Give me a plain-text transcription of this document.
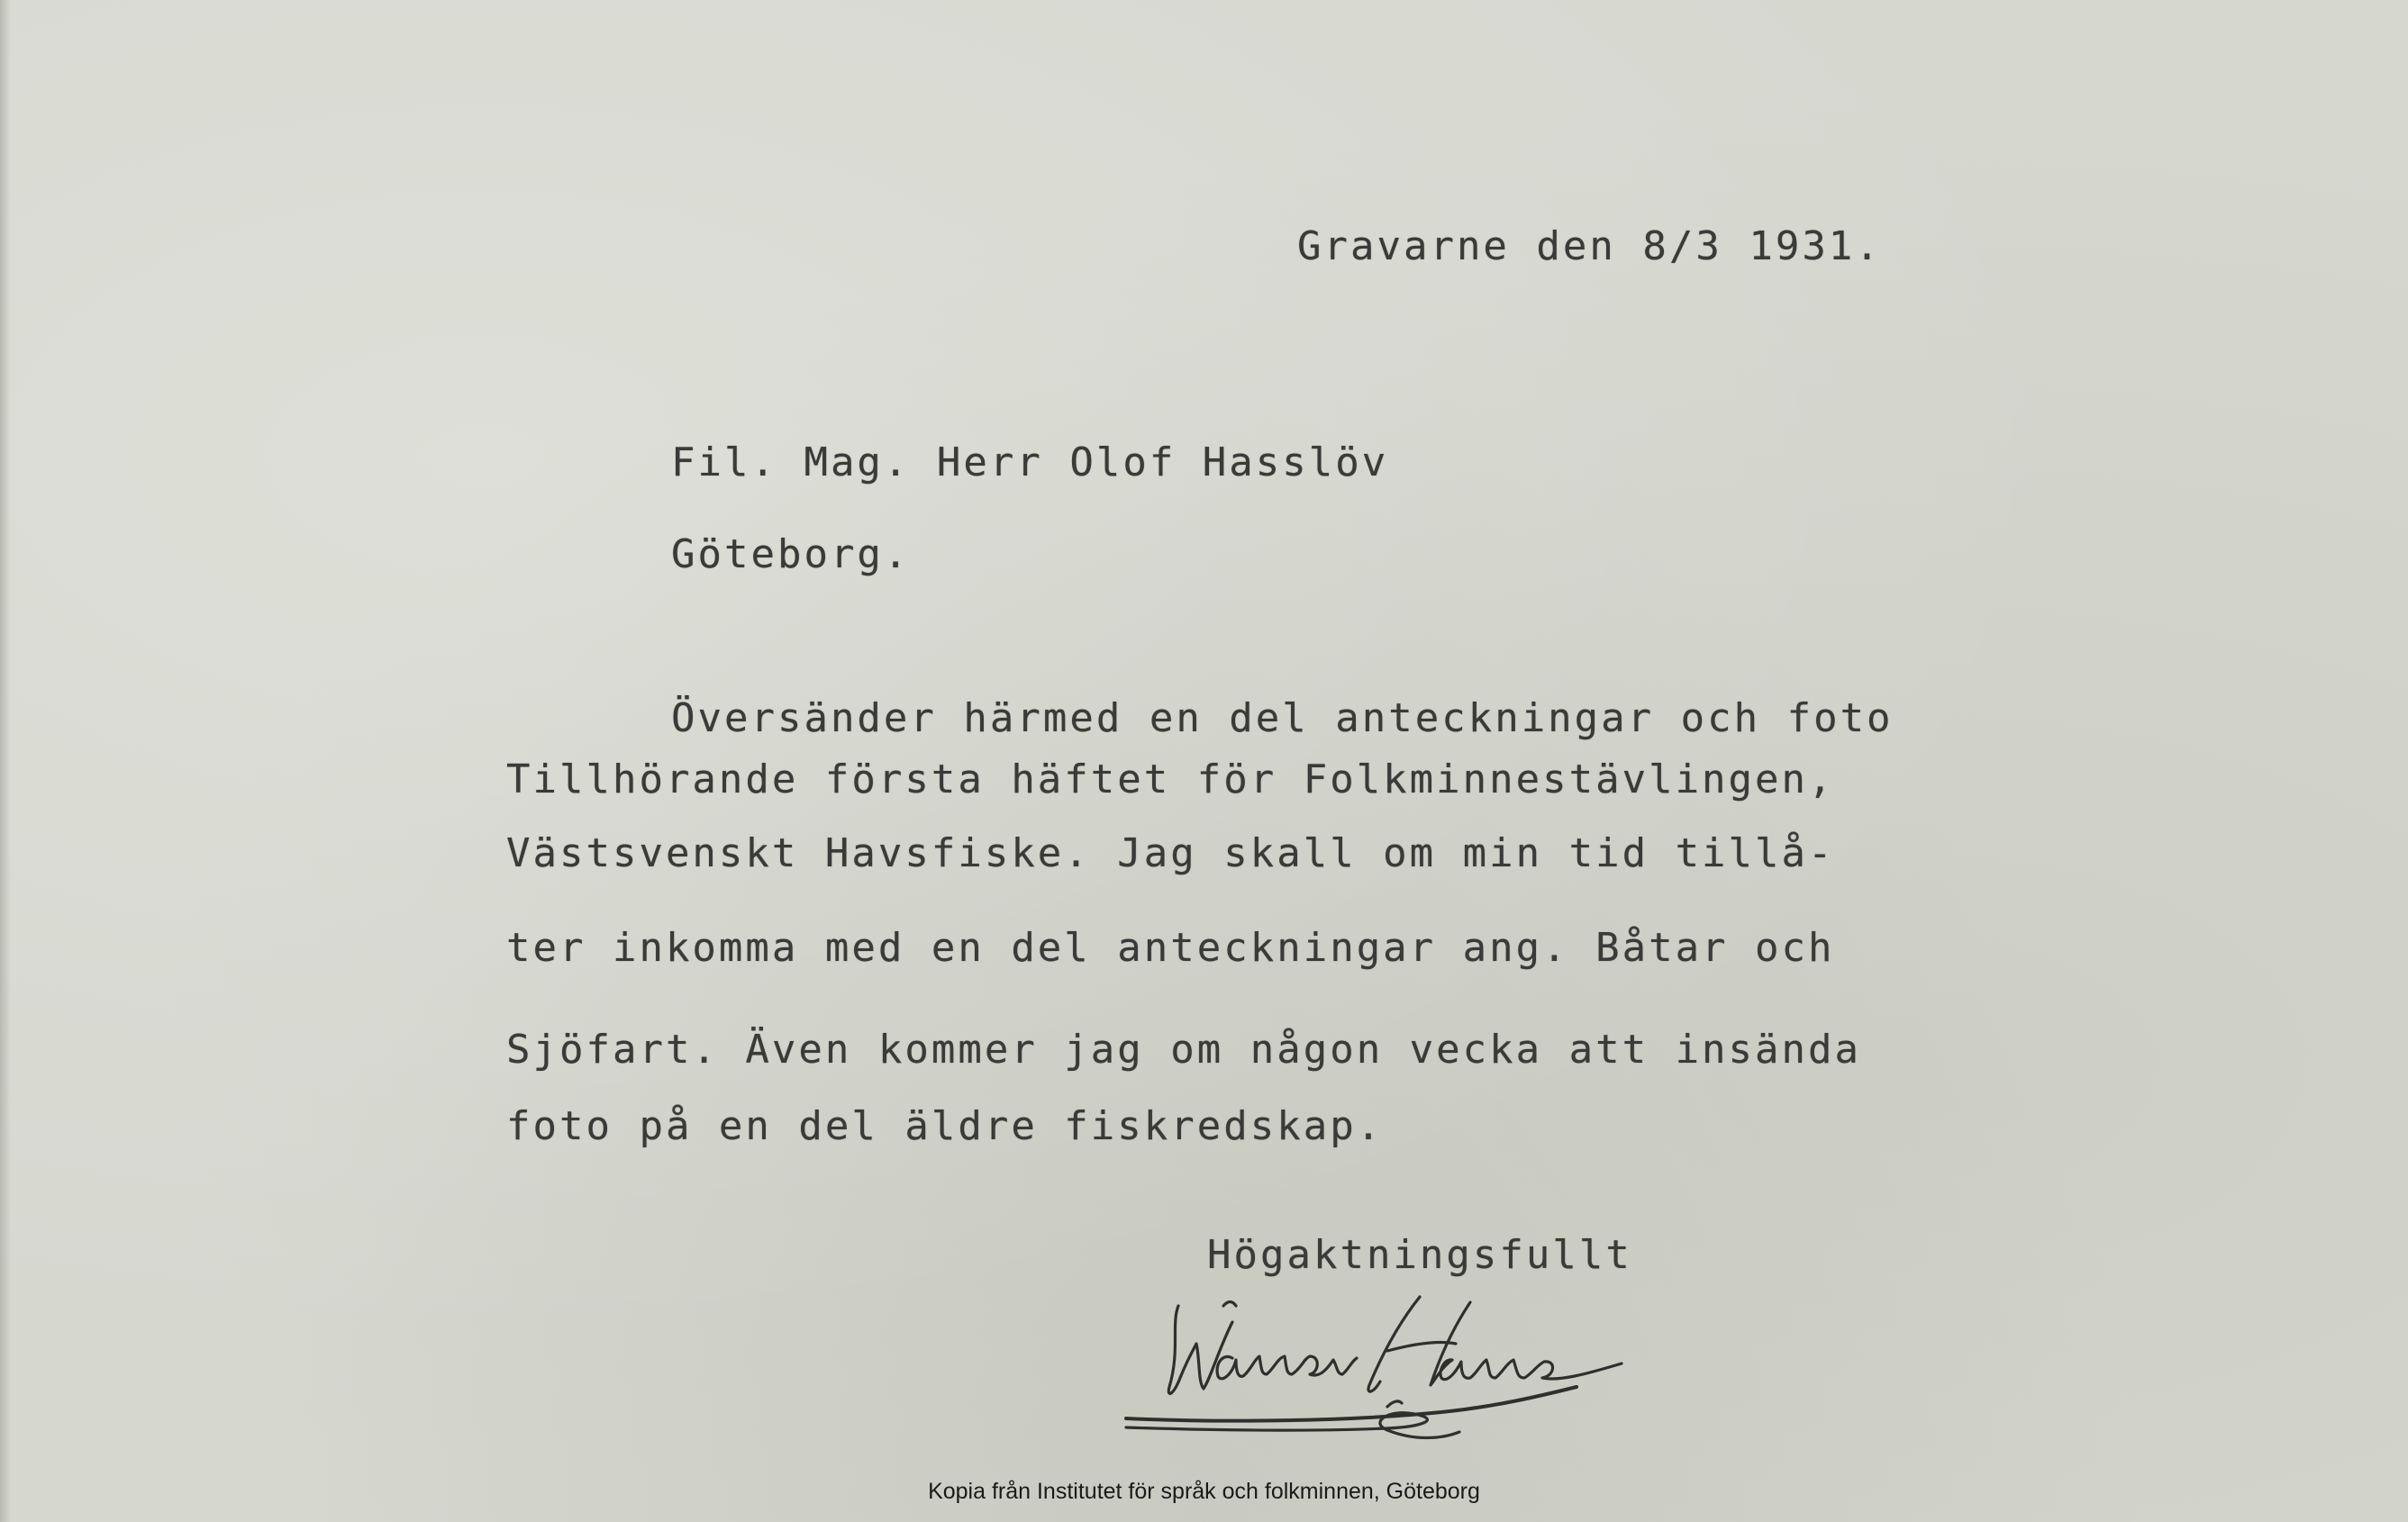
Gravarne den 8/3 1931.
Fil. Mag. Herr Olof Hasslöv
Göteborg.
Översänder härmed en del anteckningar och foto
Tillhörande första häftet för Folkminnestävlingen,
Västsvenskt Havsfiske. Jag skall om min tid tillå-
ter inkomma med en del anteckningar ang. Båtar och
Sjöfart. Även kommer jag om någon vecka att insända
foto på en del äldre fiskredskap.
Högaktningsfullt
Kopia från Institutet för språk och folkminnen, Göteborg
